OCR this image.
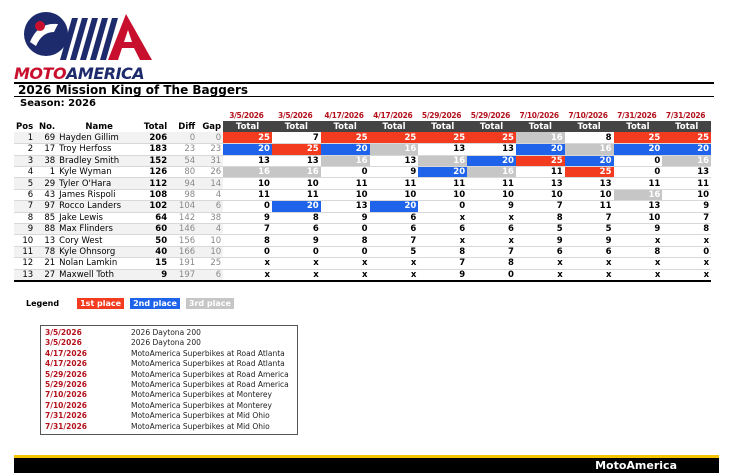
MOTOAMERICA
2026 Mission King of The Baggers
Season: 2026
3/5/2026	3/5/2026	4/17/2026	4/17/2026	5/29/2026	5/29/2026	7/10/2026	7/10/2026	7/31/2026	7/31/2026
Pos	No.	Name	Total	Diff	Gap	Total	Total	Total	Total	Total	Total	Total	Total	Total	Total
1	69	Hayden Gillim	206	0	0	25	7	25	25	25	25	16	8	25	25
2	17	Troy Herfoss	183	23	23	20	25	20	16	13	13	20	16	20	20
3	38	Bradley Smith	152	54	31	13	13	16	13	16	20	25	20	0	16
4	1	Kyle Wyman	126	80	26	16	16	0	9	20	16	11	25	0	13
5	29	Tyler O'Hara	112	94	14	10	10	11	11	11	11	13	13	11	11
6	43	James Rispoli	108	98	4	11	11	10	10	10	10	10	10	16	10
7	97	Rocco Landers	102	104	6	0	20	13	20	0	9	7	11	13	9
8	85	Jake Lewis	64	142	38	9	8	9	6	x	x	8	7	10	7
9	88	Max Flinders	60	146	4	7	6	0	6	6	6	5	5	9	8
10	13	Cory West	50	156	10	8	9	8	7	x	x	9	9	x	x
11	78	Kyle Ohnsorg	40	166	10	0	0	0	5	8	7	6	6	8	0
12	21	Nolan Lamkin	15	191	25	x	x	x	x	7	8	x	x	x	x
13	27	Maxwell Toth	9	197	6	x	x	x	x	9	0	x	x	x	x
Legend	1st place	2nd place	3rd place
3/5/2026	2026 Daytona 200
3/5/2026	2026 Daytona 200
4/17/2026	MotoAmerica Superbikes at Road Atlanta
4/17/2026	MotoAmerica Superbikes at Road Atlanta
5/29/2026	MotoAmerica Superbikes at Road America
5/29/2026	MotoAmerica Superbikes at Road America
7/10/2026	MotoAmerica Superbikes at Monterey
7/10/2026	MotoAmerica Superbikes at Monterey
7/31/2026	MotoAmerica Superbikes at Mid Ohio
7/31/2026	MotoAmerica Superbikes at Mid Ohio
MotoAmerica
